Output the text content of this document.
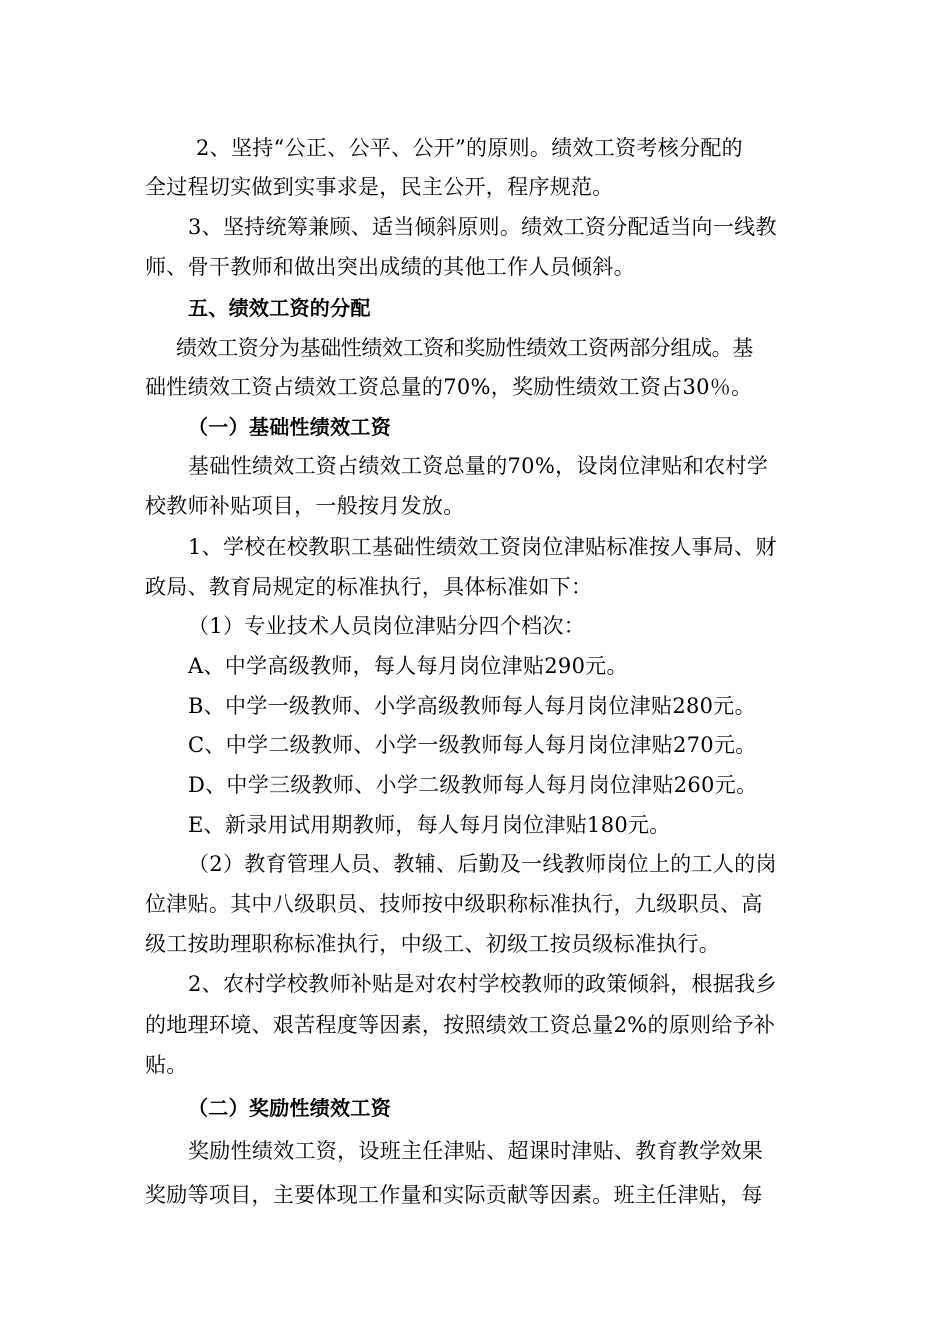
2、坚持“公正、公平、公开”的原则。绩效工资考核分配的
全过程切实做到实事求是，民主公开，程序规范。
3、坚持统筹兼顾、适当倾斜原则。绩效工资分配适当向一线教
师、骨干教师和做出突出成绩的其他工作人员倾斜。
五、绩效工资的分配
绩效工资分为基础性绩效工资和奖励性绩效工资两部分组成。基
础性绩效工资占绩效工资总量的70%，奖励性绩效工资占30％。
（一）基础性绩效工资
基础性绩效工资占绩效工资总量的70%，设岗位津贴和农村学
校教师补贴项目，一般按月发放。
1、学校在校教职工基础性绩效工资岗位津贴标准按人事局、财
政局、教育局规定的标准执行，具体标准如下：
（1）专业技术人员岗位津贴分四个档次：
A、中学高级教师，每人每月岗位津贴290元。
B、中学一级教师、小学高级教师每人每月岗位津贴280元。
C、中学二级教师、小学一级教师每人每月岗位津贴270元。
D、中学三级教师、小学二级教师每人每月岗位津贴260元。
E、新录用试用期教师，每人每月岗位津贴180元。
（2）教育管理人员、教辅、后勤及一线教师岗位上的工人的岗
位津贴。其中八级职员、技师按中级职称标准执行，九级职员、高
级工按助理职称标准执行，中级工、初级工按员级标准执行。
2、农村学校教师补贴是对农村学校教师的政策倾斜，根据我乡
的地理环境、艰苦程度等因素，按照绩效工资总量2%的原则给予补
贴。
（二）奖励性绩效工资
奖励性绩效工资，设班主任津贴、超课时津贴、教育教学效果
奖励等项目，主要体现工作量和实际贡献等因素。班主任津贴，每
